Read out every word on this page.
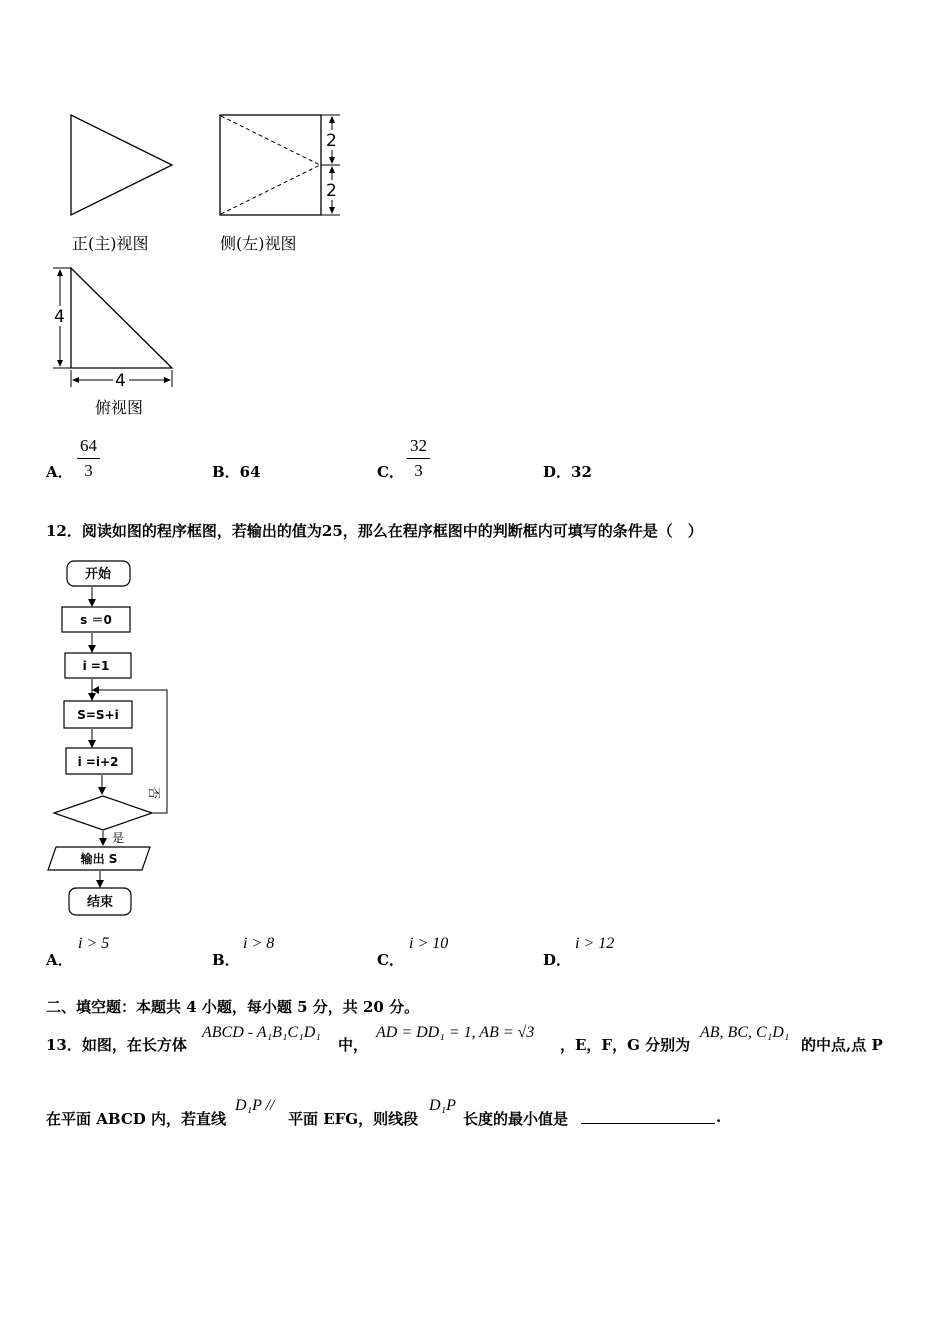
2
2
4
4
正(主)视图	侧(左)视图
俯视图
A．
64
3	B．64	C．
32
3	D．32
12．阅读如图的程序框图，若输出的值为25，那么在程序框图中的判断框内可填写的条件是（　）
开始
s ＝0
i =1
S=S+i
i =i+2
否
是
输出 S
结束
A．
i > 5
B．
i > 8
C．
i > 10
D．
i > 12
二、填空题：本题共 4 小题，每小题 5 分，共 20 分。
13．如图，在长方体
ABCD - A₁B₁C₁D₁
中，
AD = DD₁ = 1, AB = √3
，E，F，G 分别为
AB, BC, C₁D₁
的中点,点 P
在平面 ABCD 内，若直线
D₁P //
平面 EFG，则线段
D₁P
长度的最小值是	.
